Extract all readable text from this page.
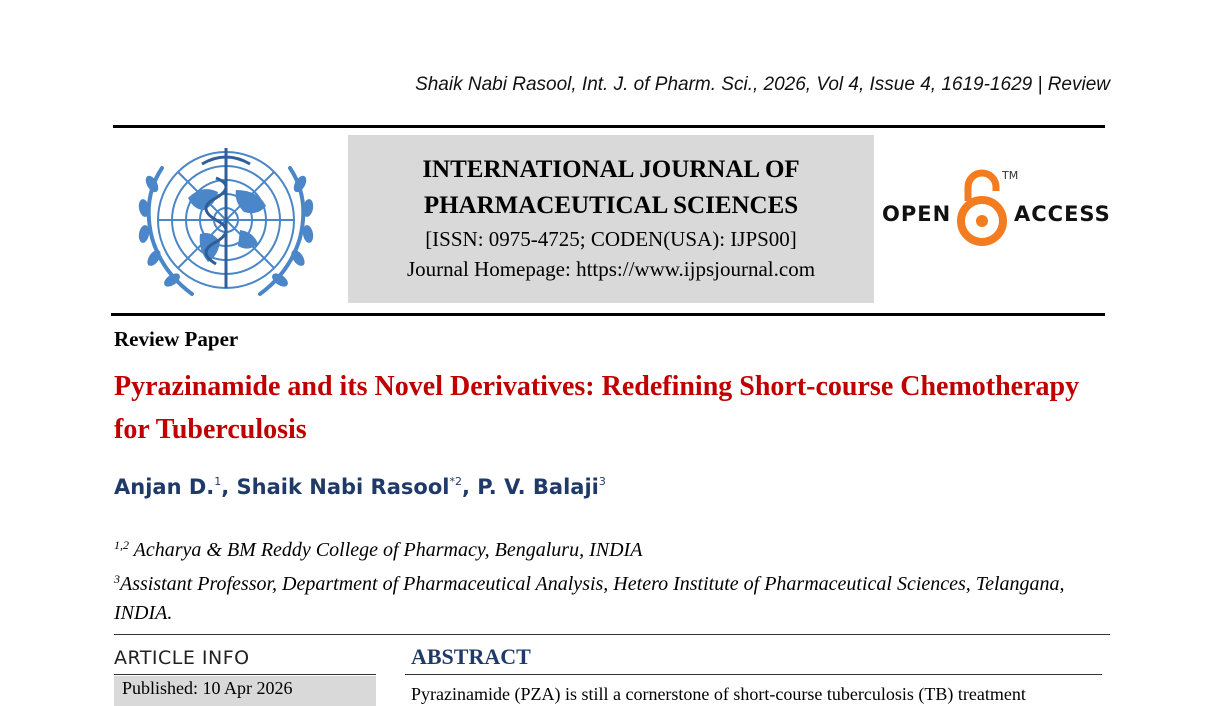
Shaik Nabi Rasool, Int. J. of Pharm. Sci., 2026, Vol 4, Issue 4, 1619-1629 | Review
INTERNATIONAL JOURNAL OF
PHARMACEUTICAL SCIENCES
[ISSN: 0975-4725; CODEN(USA): IJPS00]
Journal Homepage: https://www.ijpsjournal.com
OPEN
TM
ACCESS
Review Paper
Pyrazinamide and its Novel Derivatives: Redefining Short-course Chemotherapy for Tuberculosis
Anjan D.$^1$, Shaik Nabi Rasool$^{*2}$, P. V. Balaji$^3$
$^{1,2}$ Acharya & BM Reddy College of Pharmacy, Bengaluru, INDIA
$^3$Assistant Professor, Department of Pharmaceutical Analysis, Hetero Institute of Pharmaceutical Sciences, Telangana, INDIA.
ARTICLE INFO
Published: 10 Apr 2026
ABSTRACT
Pyrazinamide (PZA) is still a cornerstone of short-course tuberculosis (TB) treatment
